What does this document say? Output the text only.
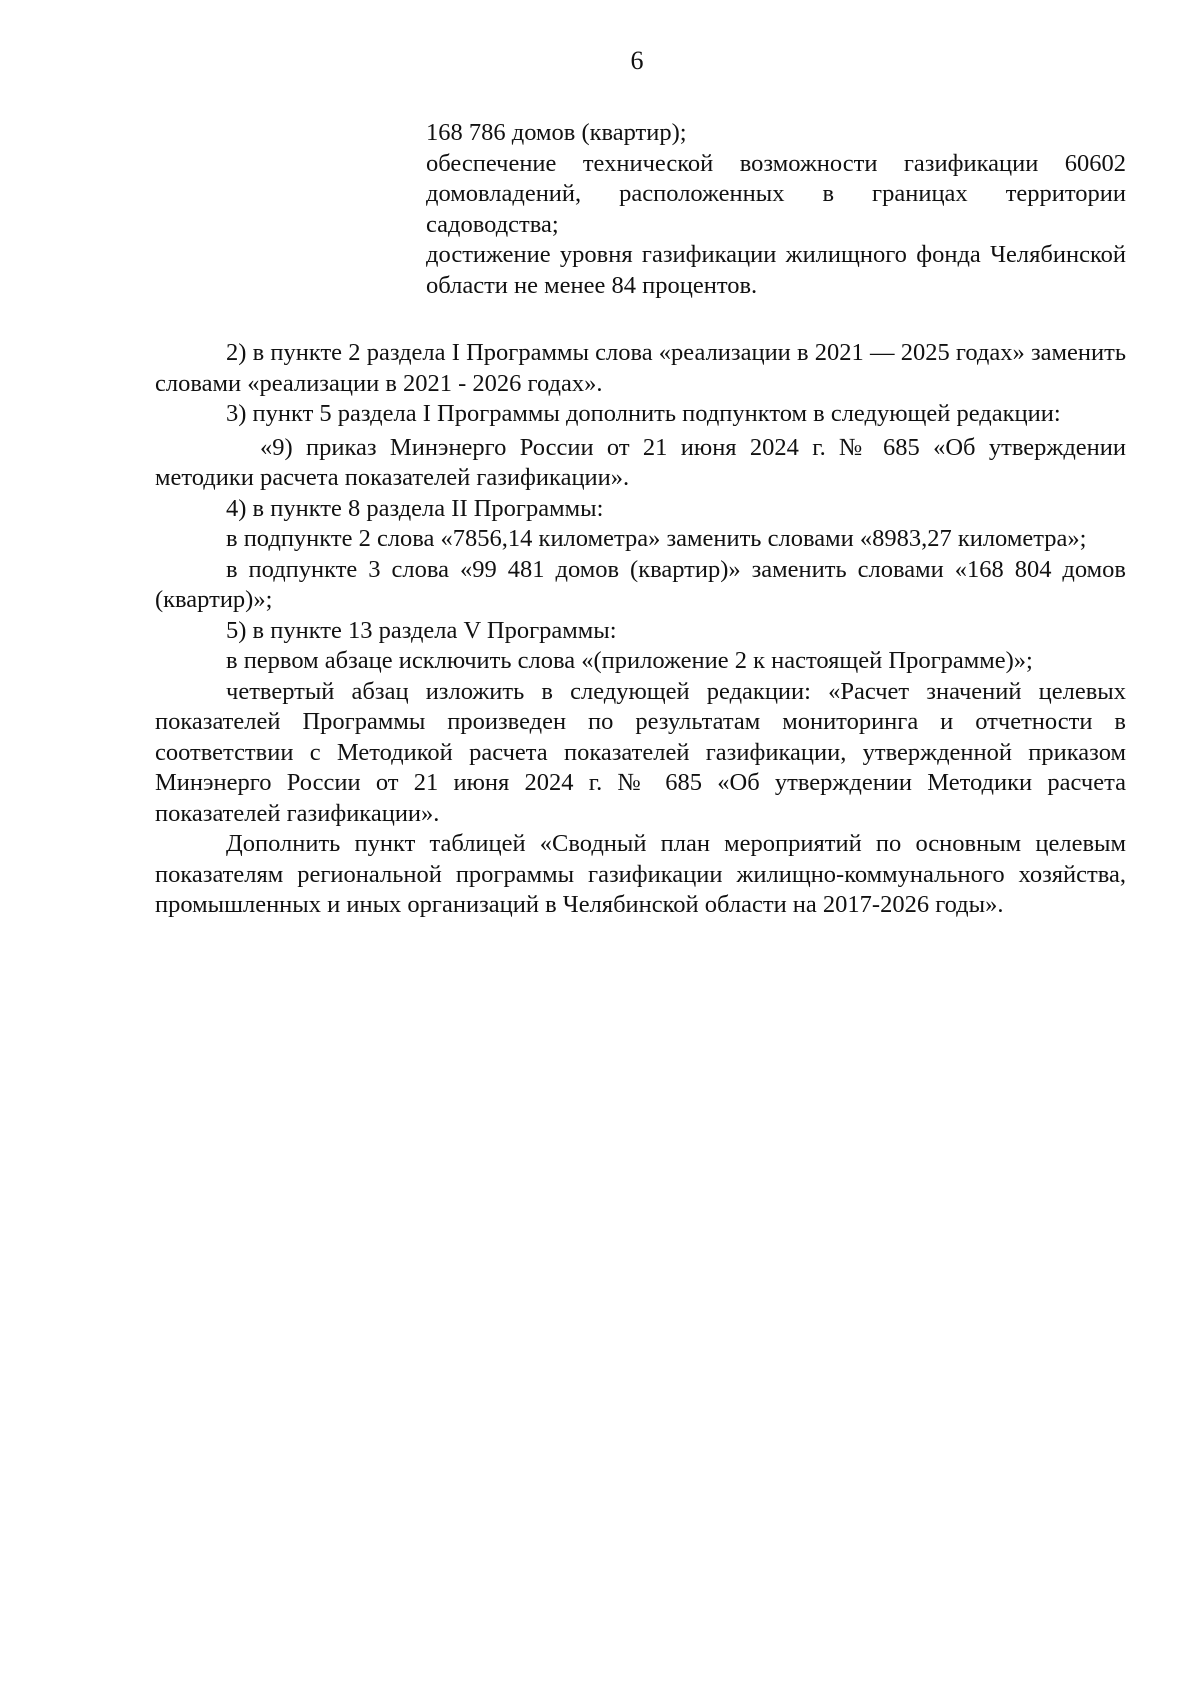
6

168 786 домов (квартир);

обеспечение технической возможности газификации 60602 домовладений, расположенных в границах территории садоводства;

достижение уровня газификации жилищного фонда Челябинской области не менее 84 процентов.

2) в пункте 2 раздела I Программы слова «реализации в 2021 — 2025 годах» заменить словами «реализации в 2021 - 2026 годах».

3) пункт 5 раздела I Программы дополнить подпунктом в следующей редакции:

«9) приказ Минэнерго России от 21 июня 2024 г. № 685 «Об утверждении методики расчета показателей газификации».

4) в пункте 8 раздела II Программы:

в подпункте 2 слова «7856,14 километра» заменить словами «8983,27 километра»;

в подпункте 3 слова «99 481 домов (квартир)» заменить словами «168 804 домов (квартир)»;

5) в пункте 13 раздела V Программы:

в первом абзаце исключить слова «(приложение 2 к настоящей Программе)»;

четвертый абзац изложить в следующей редакции: «Расчет значений целевых показателей Программы произведен по результатам мониторинга и отчетности в соответствии с Методикой расчета показателей газификации, утвержденной приказом Минэнерго России от 21 июня 2024 г. № 685 «Об утверждении Методики расчета показателей газификации».

Дополнить пункт таблицей «Сводный план мероприятий по основным целевым показателям региональной программы газификации жилищно-коммунального хозяйства, промышленных и иных организаций в Челябинской области на 2017-2026 годы».
